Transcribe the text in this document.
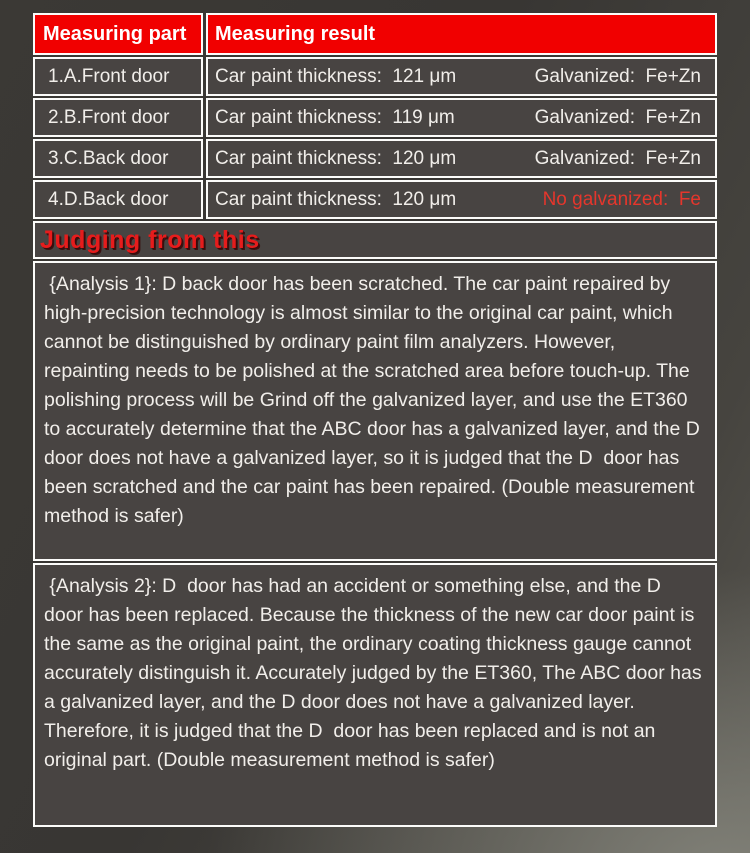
Measuring part	Measuring result
1.A.Front door	Car paint thickness:  121 μm	Galvanized:  Fe+Zn
2.B.Front door	Car paint thickness:  119 μm	Galvanized:  Fe+Zn
3.C.Back door	Car paint thickness:  120 μm	Galvanized:  Fe+Zn
4.D.Back door	Car paint thickness:  120 μm	No galvanized:  Fe
Judging from this
{Analysis 1}: D back door has been scratched. The car paint repaired by high-precision technology is almost similar to the original car paint, which cannot be distinguished by ordinary paint film analyzers. However, repainting needs to be polished at the scratched area before touch-up. The polishing process will be Grind off the galvanized layer, and use the ET360  to accurately determine that the ABC door has a galvanized layer, and the D door does not have a galvanized layer, so it is judged that the D  door has been scratched and the car paint has been repaired. (Double measurement method is safer)
{Analysis 2}: D  door has had an accident or something else, and the D door has been replaced. Because the thickness of the new car door paint is the same as the original paint, the ordinary coating thickness gauge cannot accurately distinguish it. Accurately judged by the ET360, The ABC door has a galvanized layer, and the D door does not have a galvanized layer. Therefore, it is judged that the D  door has been replaced and is not an original part. (Double measurement method is safer)
